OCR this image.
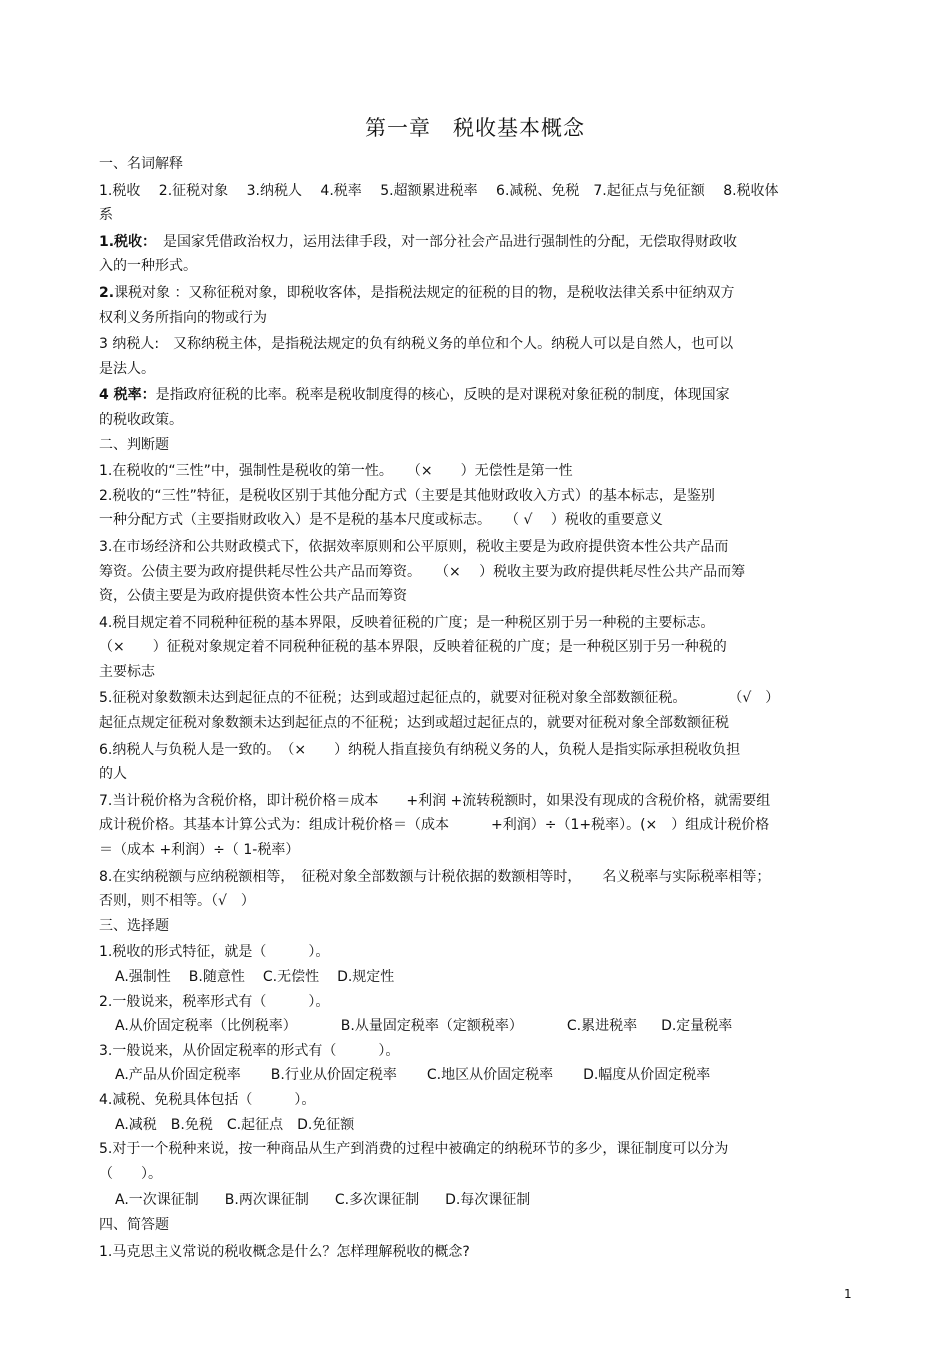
第一章　税收基本概念
一、名词解释
1.税收　 2.征税对象　 3.纳税人　 4.税率　 5.超额累进税率　 6.减税、免税　7.起征点与免征额　 8.税收体
系
1.税收：　是国家凭借政治权力，运用法律手段，对一部分社会产品进行强制性的分配，无偿取得财政收
入的一种形式。
2.课税对象 ：又称征税对象，即税收客体，是指税法规定的征税的目的物，是税收法律关系中征纳双方
权利义务所指向的物或行为
3 纳税人:　又称纳税主体，是指税法规定的负有纳税义务的单位和个人。纳税人可以是自然人，也可以
是法人。
4 税率：是指政府征税的比率。税率是税收制度得的核心，反映的是对课税对象征税的制度，体现国家
的税收政策。
二、判断题
1.在税收的“三性”中，强制性是税收的第一性。　　（×　　）无偿性是第一性
2.税收的“三性”特征，是税收区别于其他分配方式（主要是其他财政收入方式）的基本标志，是鉴别
一种分配方式（主要指财政收入）是不是税的基本尺度或标志。　　（ √　 ）税收的重要意义
3.在市场经济和公共财政模式下，依据效率原则和公平原则，税收主要是为政府提供资本性公共产品而
筹资。公债主要为政府提供耗尽性公共产品而筹资。　　（×　 ）税收主要为政府提供耗尽性公共产品而筹
资，公债主要是为政府提供资本性公共产品而筹资
4.税目规定着不同税种征税的基本界限，反映着征税的广度；是一种税区别于另一种税的主要标志。
（×　　）征税对象规定着不同税种征税的基本界限，反映着征税的广度；是一种税区别于另一种税的
主要标志
5.征税对象数额未达到起征点的不征税；达到或超过起征点的，就要对征税对象全部数额征税。　　　　（√　）
起征点规定征税对象数额未达到起征点的不征税；达到或超过起征点的，就要对征税对象全部数额征税
6.纳税人与负税人是一致的。　（×　　）纳税人指直接负有纳税义务的人，负税人是指实际承担税收负担
的人
7.当计税价格为含税价格，即计税价格＝成本　　+利润 +流转税额时，如果没有现成的含税价格，就需要组
成计税价格。其基本计算公式为：组成计税价格＝（成本　　　+利润）÷（1+税率）。(×　）组成计税价格
＝（成本 +利润）÷（ 1-税率）
8.在实纳税额与应纳税额相等，　征税对象全部数额与计税依据的数额相等时，　　名义税率与实际税率相等；
否则，则不相等。（√　）
三、选择题
1.税收的形式特征，就是（　　　）。
A.强制性 B.随意性 C.无偿性 D.规定性
2.一般说来，税率形式有（　　　）。
A.从价固定税率（比例税率）	B.从量固定税率（定额税率）	C.累进税率 D.定量税率
3.一般说来，从价固定税率的形式有（　　　）。
A.产品从价固定税率 B.行业从价固定税率 C.地区从价固定税率 D.幅度从价固定税率
4.减税、免税具体包括（　　　）。
A.减税 B.免税 C.起征点 D.免征额
5.对于一个税种来说，按一种商品从生产到消费的过程中被确定的纳税环节的多少，课征制度可以分为
（　　）。
A.一次课征制 B.两次课征制 C.多次课征制 D.每次课征制
四、简答题
1.马克思主义常说的税收概念是什么？怎样理解税收的概念?
1
